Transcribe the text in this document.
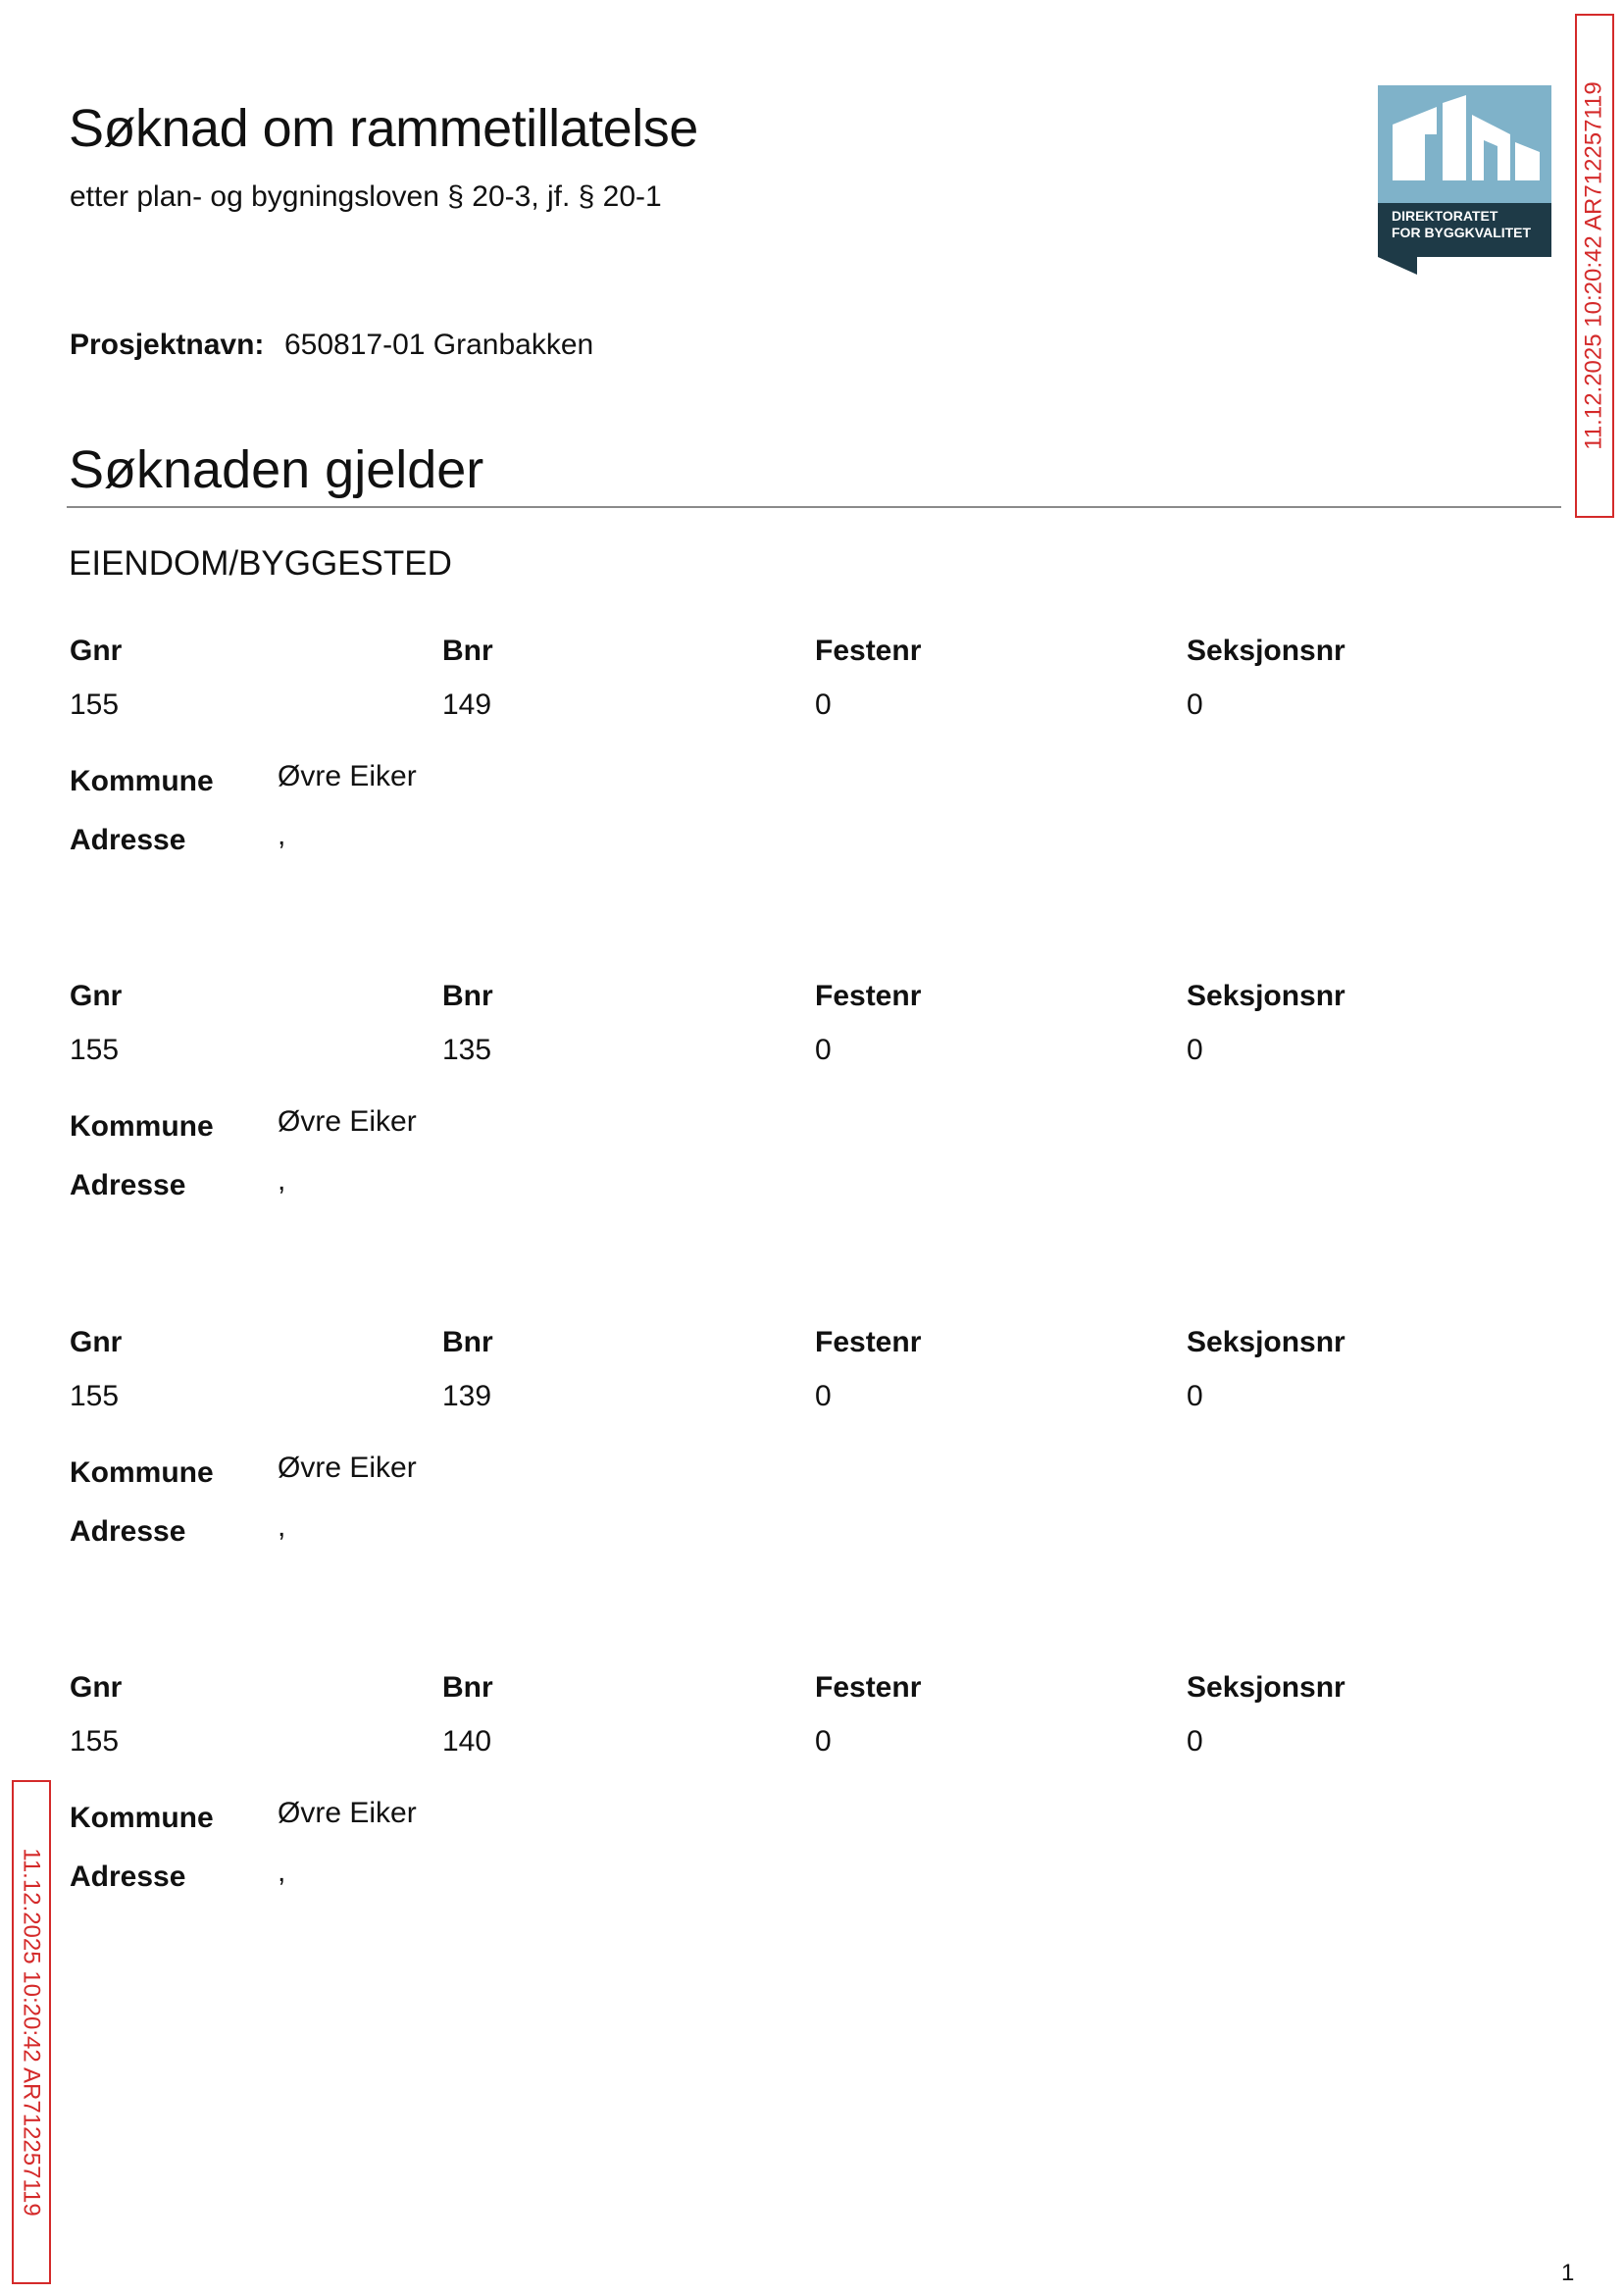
Søknad om rammetillatelse
etter plan- og bygningsloven § 20-3, jf. § 20-1
DIREKTORATET
FOR BYGGKVALITET
Prosjektnavn: 650817-01 Granbakken
Søknaden gjelder
EIENDOM/BYGGESTED
Gnr	Bnr	Festenr	Seksjonsnr
155	149	0	0
Kommune Øvre Eiker
Adresse	,
Gnr	Bnr	Festenr	Seksjonsnr
155	135	0	0
Kommune Øvre Eiker
Adresse	,
Gnr	Bnr	Festenr	Seksjonsnr
155	139	0	0
Kommune Øvre Eiker
Adresse	,
Gnr	Bnr	Festenr	Seksjonsnr
155	140	0	0
Kommune Øvre Eiker
Adresse	,
11.12.2025 10:20:42 AR712257119
11.12.2025 10:20:42 AR712257119
1
